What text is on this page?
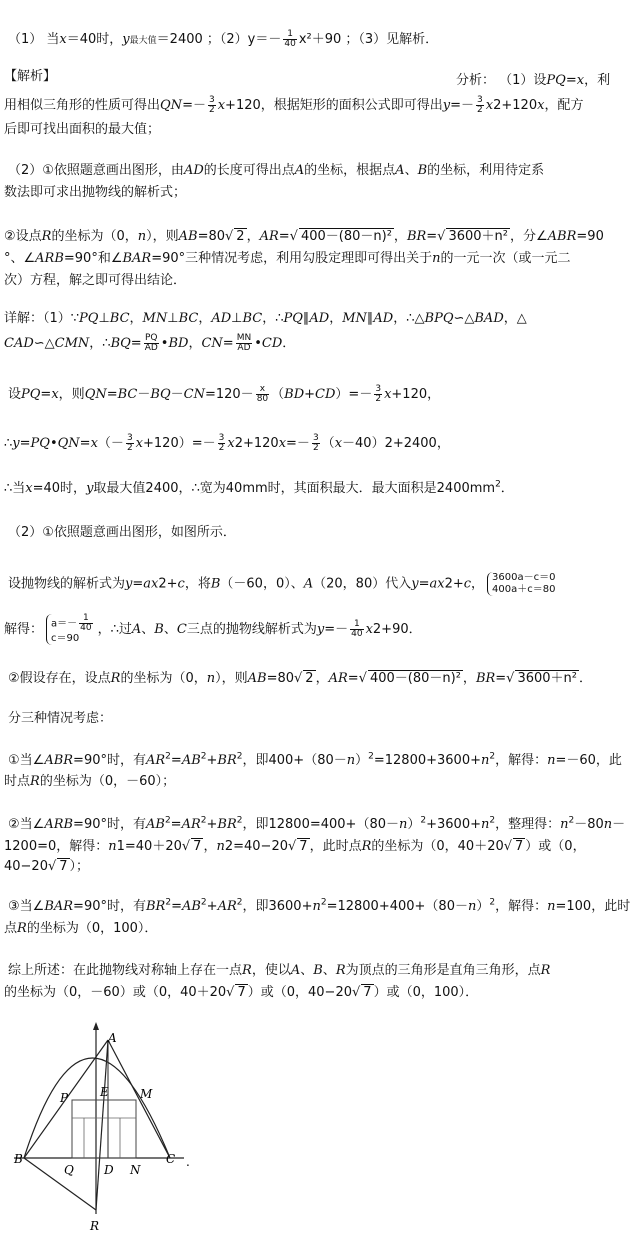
（1） 当x＝40时，y最大值＝2400 ；$(2)y=- \frac{1}{40} x^2+90$ ；（3）见解析．
【解析】	分析： （1）设PQ=x，利
用相似三角形的性质可得出$QN=- \frac{3}{2} x+120$，根据矩形的面积公式即可得出$y=- \frac{3}{2} x2+120x$，配方
后即可找出面积的最大值；
（2）①依照题意画出图形，由AD的长度可得出点A的坐标，根据点A、B的坐标，利用待定系
数法即可求出抛物线的解析式；
②设点R的坐标为（0，n），则AB=80√ 2 ，AR=√ 400－(80－n)² ，BR=√ 3600＋n² ，分∠ABR=90
°、∠ARB=90°和∠BAR=90°三种情况考虑，利用勾股定理即可得出关于n的一元一次（或一元二
次）方程，解之即可得出结论．
详解：（1）∵PQ⊥BC，MN⊥BC，AD⊥BC，∴PQ∥AD，MN∥AD，∴△BPQ∽△BAD，△
CAD∽△CMN，∴BQ= $\frac{PQ}{AD}$ •BD，$CN= \frac{MN}{AD}$ •CD．
设PQ=x，则$QN=BC-BQ-CN=120- \frac{x}{80} (BD+CD)=- \frac{3}{2} x+120$，
∴y=PQ•QN=x（－ $\frac{3}{2} x+120)=- \frac{3}{2} x2+120x=- \frac{3}{2} (x-40)2+2400$，
∴当x=40时，y取最大值2400，∴宽为40mm时，其面积最大．最大面积是$2400mm^2$．
（2）①依照题意画出图形，如图所示．
设抛物线的解析式为y=ax2+c，将B（－60，0）、A（20，80）代入y=ax2+c， 3600a－c＝0
400a＋c＝80
解得： $a=- \frac{1}{40}$

c＝90，∴过A、B、C三点的抛物线解析式为$y=- \frac{1}{40} x2+90$．
②假设存在，设点R的坐标为（0，n），则AB=80√ 2 ，AR=√ 400－(80－n)² ，BR=√ 3600＋n² ．
分三种情况考虑：
①当∠ABR=90°时，有$AR^2=AB^2+BR^2$，即$400+(80-n)^2=12800+3600+n^2$，解得：n=－60，此
时点R的坐标为（0，－60）；
②当∠ARB=90°时，有$AB^2=AR^2+BR^2$，即$12800=400+(80-n)^2+3600+n^2$，整理得：$n^2-80n-$
1200=0，解得：n1=40＋20√ 7 ，n2=40−20√ 7 ，此时点R的坐标为（0，40＋20√ 7 ）或（0，
40−20√ 7 ）；
③当∠BAR=90°时，有$BR^2=AB^2+AR^2$，即$3600+n^2=12800+400+(80-n)^2$，解得：n=100，此时
点R的坐标为（0，100）．
综上所述：在此抛物线对称轴上存在一点R，使以A、B、R为顶点的三角形是直角三角形，点R
的坐标为（0，－60）或（0，40＋20√ 7 ）或（0，40−20√ 7 ）或（0，100）．
A
P	E	M
B
Q	D N
C
R
.
